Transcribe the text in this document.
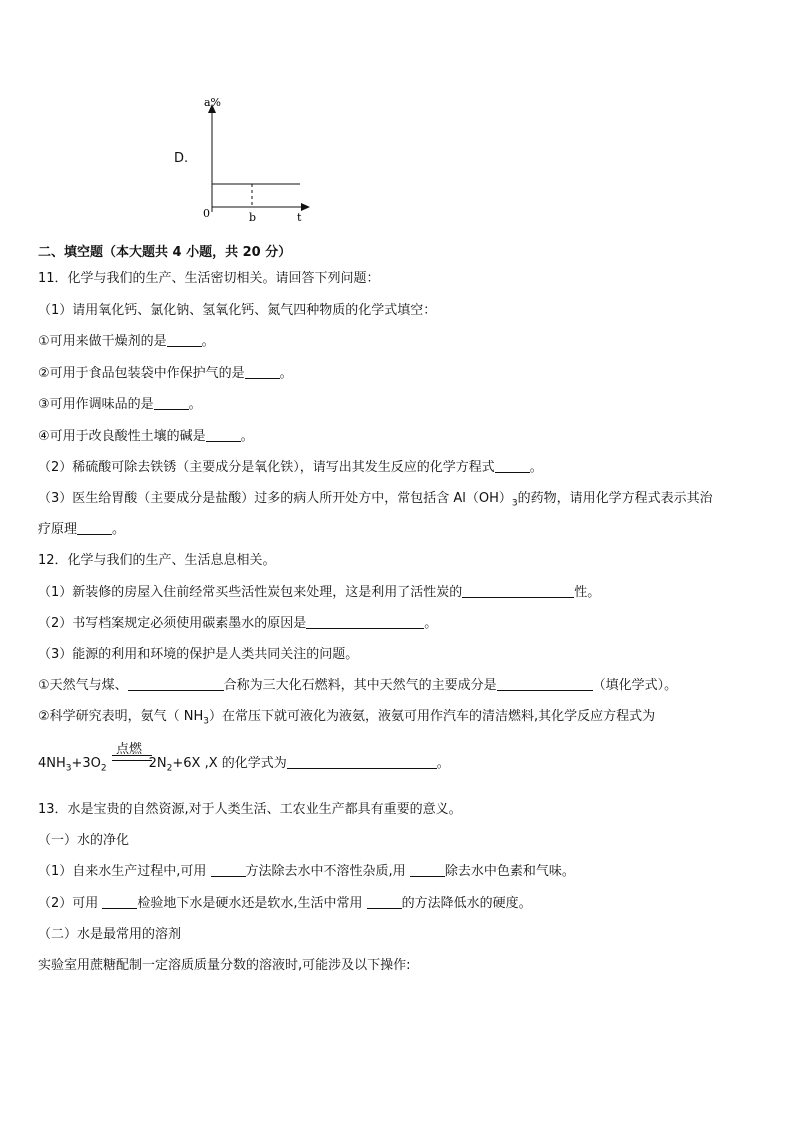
D.
a%
0	b	t
二、填空题（本大题共 4 小题，共 20 分）
11．化学与我们的生产、生活密切相关。请回答下列问题：
（1）请用氧化钙、氯化钠、氢氧化钙、氮气四种物质的化学式填空：
①可用来做干燥剂的是	。
②可用于食品包装袋中作保护气的是	。
③可用作调味品的是	。
④可用于改良酸性土壤的碱是	。
（2）稀硫酸可除去铁锈（主要成分是氧化铁），请写出其发生反应的化学方程式	。
（3）医生给胃酸（主要成分是盐酸）过多的病人所开处方中，常包括含 $Al(OH)_3$的药物，请用化学方程式表示其治
疗原理	。
12．化学与我们的生产、生活息息相关。
（1）新装修的房屋入住前经常买些活性炭包来处理，这是利用了活性炭的	性。
（2）书写档案规定必须使用碳素墨水的原因是	。
（3）能源的利用和环境的保护是人类共同关注的问题。
①天然气与煤、	合称为三大化石燃料，其中天然气的主要成分是	（填化学式）。
②科学研究表明，氨气（ $NH_3$）在常压下就可液化为液氨，液氨可用作汽车的清洁燃料,其化学反应方程式为
点燃
$4NH_3+3O_2$	$2N_2+6X$ ,X 的化学式为	。
13．水是宝贵的自然资源,对于人类生活、工农业生产都具有重要的意义。
（一）水的净化
（1）自来水生产过程中,可用	方法除去水中不溶性杂质,用	除去水中色素和气味。
（2）可用	检验地下水是硬水还是软水,生活中常用	的方法降低水的硬度。
（二）水是最常用的溶剂
实验室用蔗糖配制一定溶质质量分数的溶液时,可能涉及以下操作:
